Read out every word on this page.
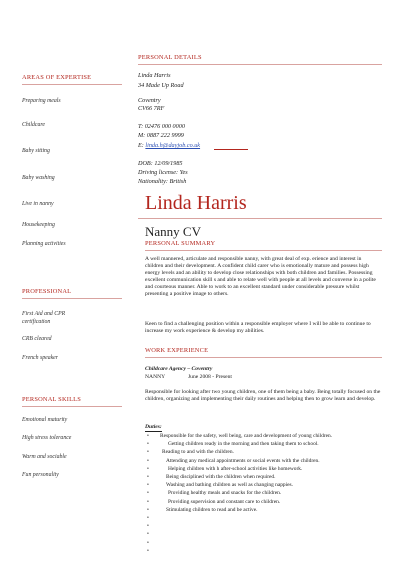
PERSONAL DETAILS
AREAS OF EXPERTISE
Preparing meals
Childcare
Baby sitting
Baby washing
Live in nanny
Housekeeping
Planning activities
PROFESSIONAL
First Aid and CPR certification
CRB cleared
French speaker
PERSONAL SKILLS
Emotional maturity
High stress tolerance
Warm and sociable
Fun personality
Linda Harris
34 Made Up Road
Coventry
CV66 7RF
T: 02476 000 0000
M: 0887 222 9999
E: linda.h@dayjob.co.uk
DOB: 12/09/1985
Driving license: Yes
Nationality: British
Linda Harris
Nanny CV
PERSONAL SUMMARY
A well mannered, articulate and responsible nanny, with great deal of exp. erience and interest in children and their development. A confident child carer who is emotionally mature and possess high energy levels and an ability to develop close relationships with both children and families. Possessing excellent communication skill s and able to relate well with people at all levels and converse in a polite and courteous manner. Able to work to an excellent standard under considerable pressure whilst presenting a positive image to others.
Keen to find a challenging position within a responsible employer where I will be able to continue to increase my work experience & develop my abilities.
WORK EXPERIENCE
Childcare Agency – Coventry
NANNY	June 2008 - Present
Responsible for looking after two young children, one of them being a baby. Being totally focused on the children, organizing and implementing their daily routines and helping then to grow learn and develop.
Duties:
• Responsible for the safety, well being, care and development of young children.
•	Getting children ready in the morning and then taking them to school.
• Reading to and with the children.
•	Attending any medical appointments or social events with the children.
•	Helping children with h after-school activities like homework.
•	Being disciplined with the children when required.
•	Washing and bathing children as well as changing nappies.
•	Providing healthy meals and snacks for the children.
•	Providing supervision and constant care to children.
•	Stimulating children to read and be active.
•
•
•
•
•
